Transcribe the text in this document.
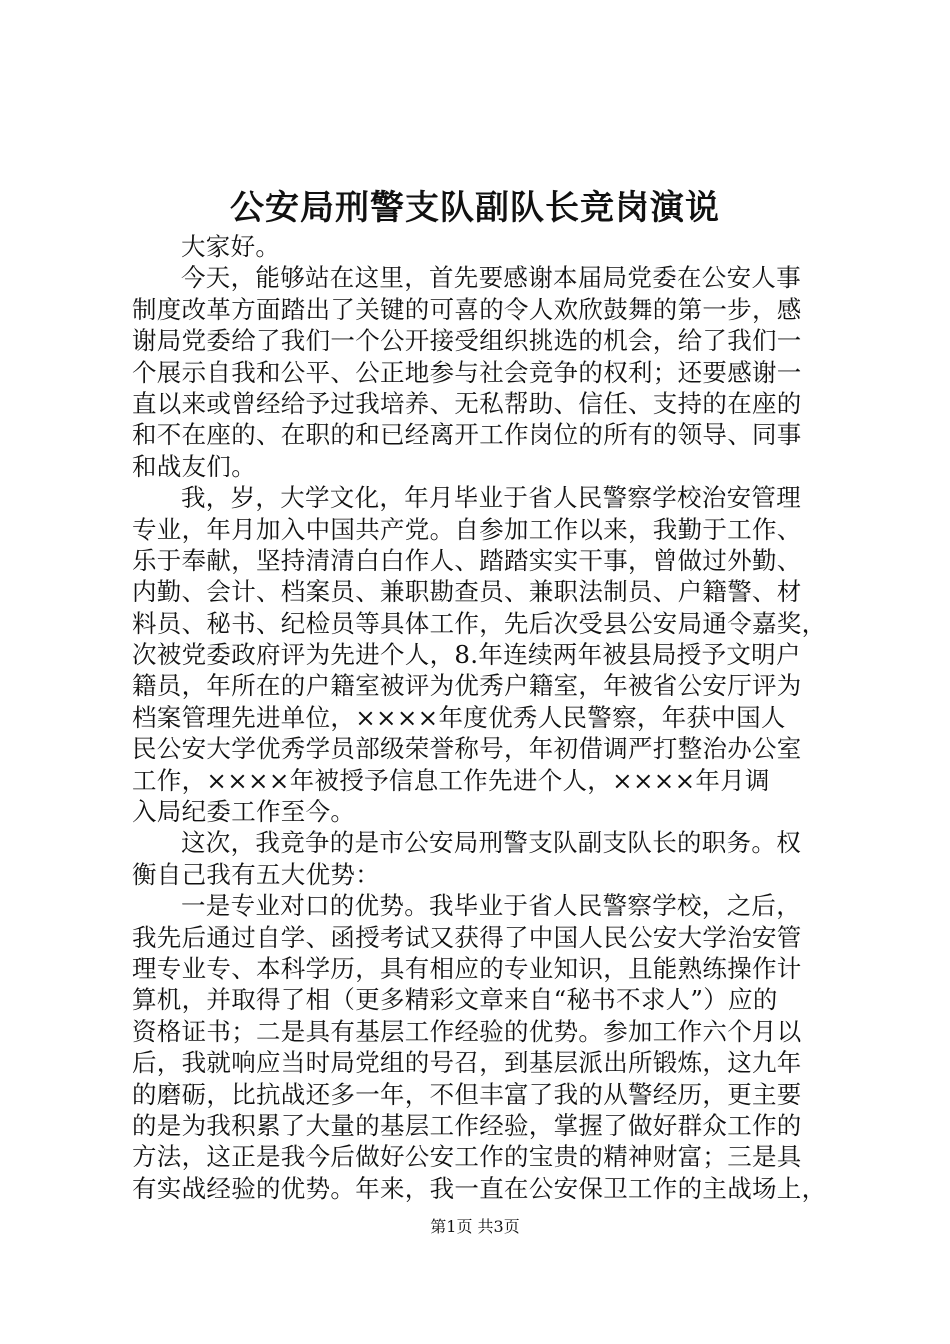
公安局刑警支队副队长竞岗演说
大家好。
今天，能够站在这里，首先要感谢本届局党委在公安人事
制度改革方面踏出了关键的可喜的令人欢欣鼓舞的第一步，感
谢局党委给了我们一个公开接受组织挑选的机会，给了我们一
个展示自我和公平、公正地参与社会竞争的权利；还要感谢一
直以来或曾经给予过我培养、无私帮助、信任、支持的在座的
和不在座的、在职的和已经离开工作岗位的所有的领导、同事
和战友们。
我，岁，大学文化，年月毕业于省人民警察学校治安管理
专业，年月加入中国共产党。自参加工作以来，我勤于工作、
乐于奉献，坚持清清白白作人、踏踏实实干事，曾做过外勤、
内勤、会计、档案员、兼职勘查员、兼职法制员、户籍警、材
料员、秘书、纪检员等具体工作，先后次受县公安局通令嘉奖，
次被党委政府评为先进个人，8.年连续两年被县局授予文明户
籍员，年所在的户籍室被评为优秀户籍室，年被省公安厅评为
档案管理先进单位，××××年度优秀人民警察，年获中国人
民公安大学优秀学员部级荣誉称号，年初借调严打整治办公室
工作，××××年被授予信息工作先进个人，××××年月调
入局纪委工作至今。
这次，我竞争的是市公安局刑警支队副支队长的职务。权
衡自己我有五大优势：
一是专业对口的优势。我毕业于省人民警察学校，之后，
我先后通过自学、函授考试又获得了中国人民公安大学治安管
理专业专、本科学历，具有相应的专业知识，且能熟练操作计
算机，并取得了相（更多精彩文章来自“秘书不求人”）应的
资格证书；二是具有基层工作经验的优势。参加工作六个月以
后，我就响应当时局党组的号召，到基层派出所锻炼，这九年
的磨砺，比抗战还多一年，不但丰富了我的从警经历，更主要
的是为我积累了大量的基层工作经验，掌握了做好群众工作的
方法，这正是我今后做好公安工作的宝贵的精神财富；三是具
有实战经验的优势。年来，我一直在公安保卫工作的主战场上，
第1页 共3页
